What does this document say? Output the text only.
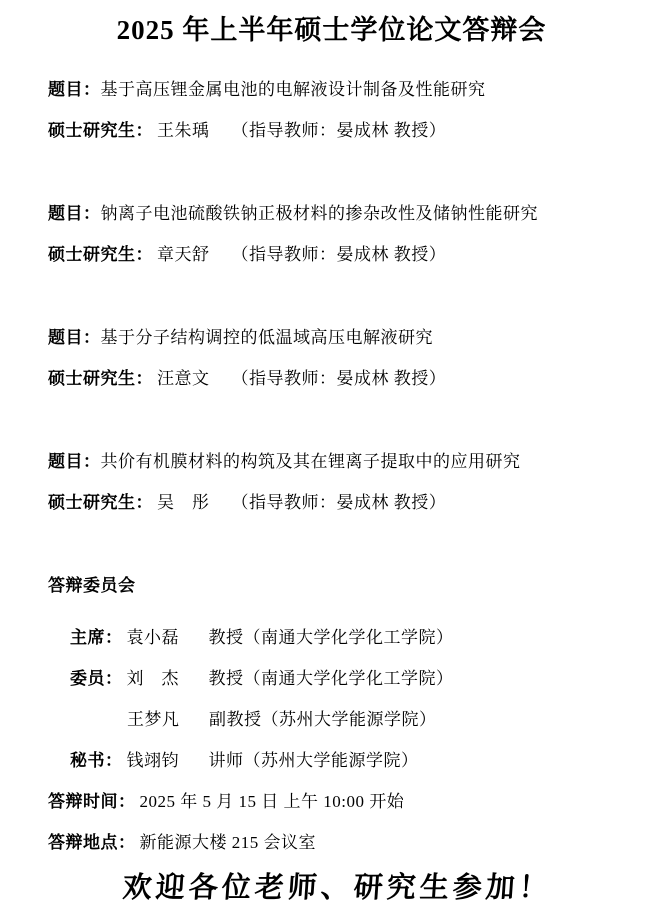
2025 年上半年硕士学位论文答辩会
题目： 基于高压锂金属电池的电解液设计制备及性能研究
硕士研究生： 王朱瑀 （指导教师：晏成林 教授）
题目： 钠离子电池硫酸铁钠正极材料的掺杂改性及储钠性能研究
硕士研究生： 章天舒 （指导教师：晏成林 教授）
题目： 基于分子结构调控的低温域高压电解液研究
硕士研究生： 汪意文 （指导教师：晏成林 教授）
题目： 共价有机膜材料的构筑及其在锂离子提取中的应用研究
硕士研究生： 吴　彤 （指导教师：晏成林 教授）
答辩委员会
主席： 袁小磊	教授（南通大学化学化工学院）
委员： 刘　杰	教授（南通大学化学化工学院）
王梦凡	副教授（苏州大学能源学院）
秘书： 钱翊钧	讲师（苏州大学能源学院）
答辩时间： 2025 年 5 月 15 日 上午 10:00 开始
答辩地点： 新能源大楼 215 会议室
欢迎各位老师、研究生参加！
